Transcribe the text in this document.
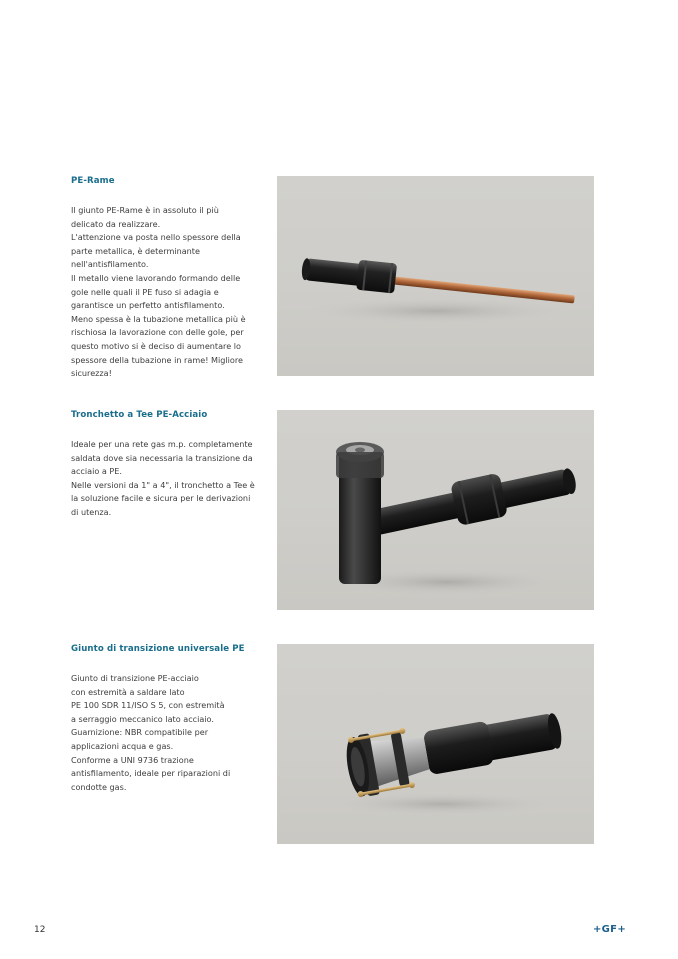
PE-Rame
Il giunto PE-Rame è in assoluto il più
delicato da realizzare.
L'attenzione va posta nello spessore della
parte metallica, è determinante
nell'antisfilamento.
Il metallo viene lavorando formando delle
gole nelle quali il PE fuso si adagia e
garantisce un perfetto antisfilamento.
Meno spessa è la tubazione metallica più è
rischiosa la lavorazione con delle gole, per
questo motivo si è deciso di aumentare lo
spessore della tubazione in rame! Migliore
sicurezza!
Tronchetto a Tee PE-Acciaio
Ideale per una rete gas m.p. completamente
saldata dove sia necessaria la transizione da
acciaio a PE.
Nelle versioni da 1" a 4", il tronchetto a Tee è
la soluzione facile e sicura per le derivazioni
di utenza.
Giunto di transizione universale PE
Giunto di transizione PE-acciaio
con estremità a saldare lato
PE 100 SDR 11/ISO S 5, con estremità
a serraggio meccanico lato acciaio.
Guarnizione: NBR compatibile per
applicazioni acqua e gas.
Conforme a UNI 9736 trazione
antisfilamento, ideale per riparazioni di
condotte gas.
12	+GF+
